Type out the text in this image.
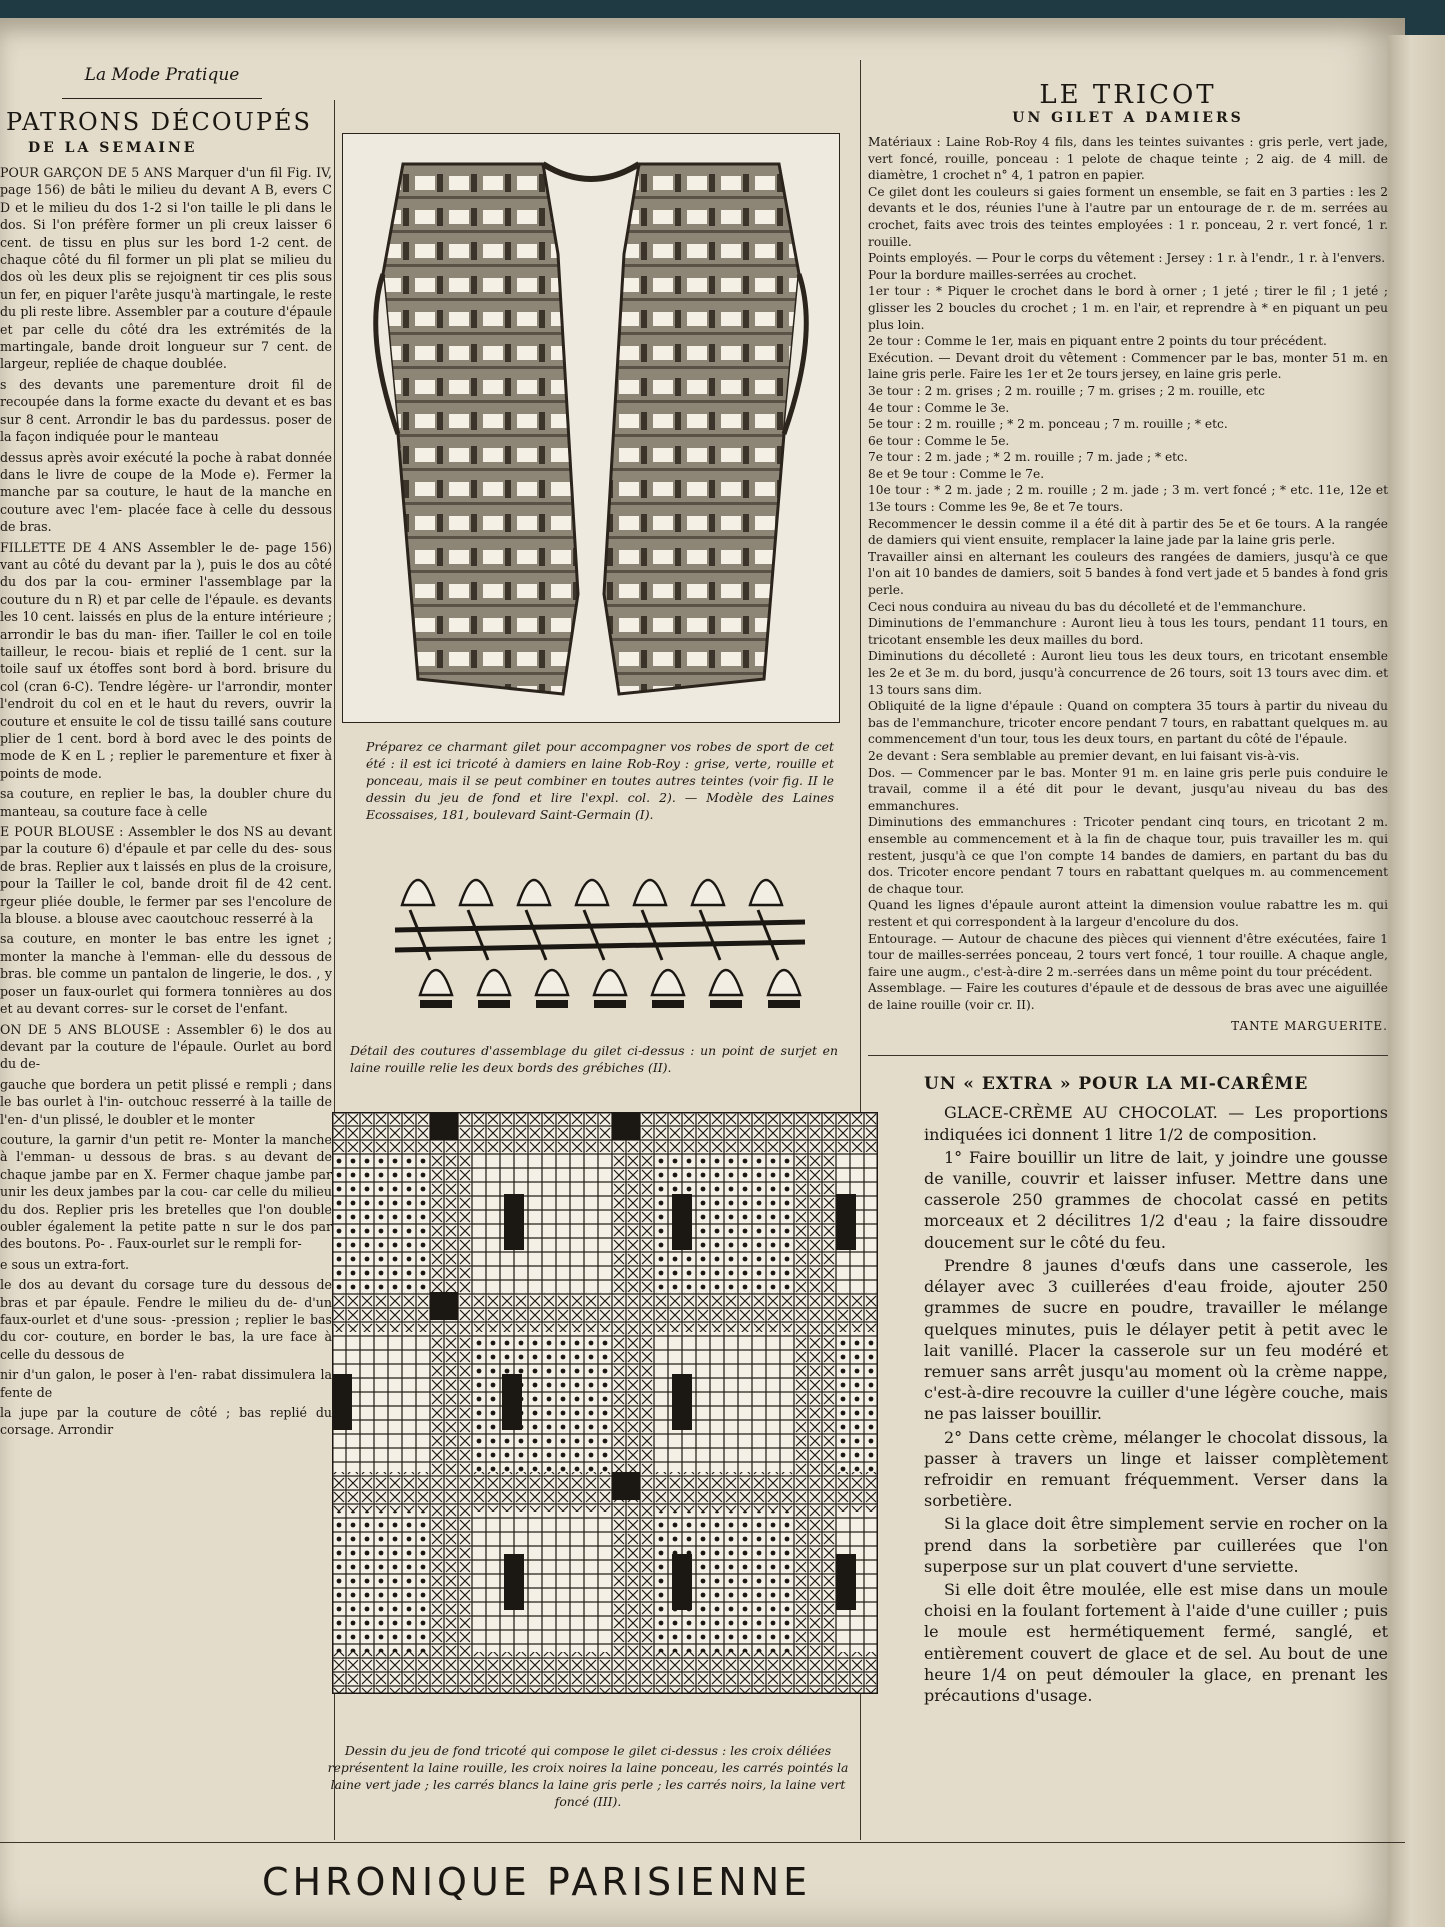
La Mode Pratique
PATRONS DÉCOUPÉS
DE LA SEMAINE

POUR GARÇON DE 5 ANS Marquer d'un fil Fig. IV, page 156) de bâti le milieu du devant A B, evers C D et le milieu du dos 1-2 si l'on taille le pli dans le dos. Si l'on préfère former un pli creux laisser 6 cent. de tissu en plus sur les bord 1-2 cent. de chaque côté du fil former un pli plat se milieu du dos où les deux plis se rejoignent tir ces plis sous un fer, en piquer l'arête jusqu'à martingale, le reste du pli reste libre. Assembler par a couture d'épaule et par celle du côté dra les extrémités de la martingale, bande droit longueur sur 7 cent. de largeur, repliée de chaque doublée.

s des devants une parementure droit fil de recoupée dans la forme exacte du devant et es bas sur 8 cent. Arrondir le bas du pardessus. poser de la façon indiquée pour le manteau

dessus après avoir exécuté la poche à rabat donnée dans le livre de coupe de la Mode e). Fermer la manche par sa couture, le haut de la manche en couture avec l'em- placée face à celle du dessous de bras.

FILLETTE DE 4 ANS Assembler le de- page 156) vant au côté du devant par la ), puis le dos au côté du dos par la cou- erminer l'assemblage par la couture du n R) et par celle de l'épaule. es devants les 10 cent. laissés en plus de la enture intérieure ; arrondir le bas du man- ifier. Tailler le col en toile tailleur, le recou- biais et replié de 1 cent. sur la toile sauf ux étoffes sont bord à bord. brisure du col (cran 6-C). Tendre légère- ur l'arrondir, monter l'endroit du col en et le haut du revers, ouvrir la couture et ensuite le col de tissu taillé sans couture plier de 1 cent. bord à bord avec le des points de mode de K en L ; replier le parementure et fixer à points de mode.

sa couture, en replier le bas, la doubler chure du manteau, sa couture face à celle

E POUR BLOUSE : Assembler le dos NS au devant par la couture 6) d'épaule et par celle du des- sous de bras. Replier aux t laissés en plus de la croisure, pour la Tailler le col, bande droit fil de 42 cent. rgeur pliée double, le fermer par ses l'encolure de la blouse. a blouse avec caoutchouc resserré à la

sa couture, en monter le bas entre les ignet ; monter la manche à l'emman- elle du dessous de bras. ble comme un pantalon de lingerie, le dos. , y poser un faux-ourlet qui formera tonnières au dos et au devant corres- sur le corset de l'enfant.

ON DE 5 ANS BLOUSE : Assembler 6) le dos au devant par la couture de l'épaule. Ourlet au bord du de-

gauche que bordera un petit plissé e rempli ; dans le bas ourlet à l'in- outchouc resserré à la taille de l'en- d'un plissé, le doubler et le monter

couture, la garnir d'un petit re- Monter la manche à l'emman- u dessous de bras. s au devant de chaque jambe par en X. Fermer chaque jambe par unir les deux jambes par la cou- car celle du milieu du dos. Replier pris les bretelles que l'on double oubler également la petite patte n sur le dos par des boutons. Po- . Faux-ourlet sur le rempli for-

e sous un extra-fort.

le dos au devant du corsage ture du dessous de bras et par épaule. Fendre le milieu du de- d'un faux-ourlet et d'une sous- -pression ; replier le bas du cor- couture, en border le bas, la ure face à celle du dessous de

nir d'un galon, le poser à l'en- rabat dissimulera la fente de

la jupe par la couture de côté ; bas replié du corsage. Arrondir

Préparez ce charmant gilet pour accompagner vos robes de sport de cet été : il est ici tricoté à damiers en laine Rob-Roy : grise, verte, rouille et ponceau, mais il se peut combiner en toutes autres teintes (voir fig. II le dessin du jeu de fond et lire l'expl. col. 2). — Modèle des Laines Ecossaises, 181, boulevard Saint-Germain (I).
Détail des coutures d'assemblage du gilet ci-dessus : un point de surjet en laine rouille relie les deux bords des grébiches (II).
Dessin du jeu de fond tricoté qui compose le gilet ci-dessus : les croix déliées représentent la laine rouille, les croix noires la laine ponceau, les carrés pointés la laine vert jade ; les carrés blancs la laine gris perle ; les carrés noirs, la laine vert foncé (III).
LE TRICOT
UN GILET A DAMIERS

Matériaux : Laine Rob-Roy 4 fils, dans les teintes suivantes : gris perle, vert jade, vert foncé, rouille, ponceau : 1 pelote de chaque teinte ; 2 aig. de 4 mill. de diamètre, 1 crochet n° 4, 1 patron en papier.

Ce gilet dont les couleurs si gaies forment un ensemble, se fait en 3 parties : les 2 devants et le dos, réunies l'une à l'autre par un entourage de r. de m. serrées au crochet, faits avec trois des teintes employées : 1 r. ponceau, 2 r. vert foncé, 1 r. rouille.

Points employés. — Pour le corps du vêtement : Jersey : 1 r. à l'endr., 1 r. à l'envers.

Pour la bordure mailles-serrées au crochet.

1er tour : * Piquer le crochet dans le bord à orner ; 1 jeté ; tirer le fil ; 1 jeté ; glisser les 2 boucles du crochet ; 1 m. en l'air, et reprendre à * en piquant un peu plus loin.

2e tour : Comme le 1er, mais en piquant entre 2 points du tour précédent.

Exécution. — Devant droit du vêtement : Commencer par le bas, monter 51 m. en laine gris perle. Faire les 1er et 2e tours jersey, en laine gris perle.

3e tour : 2 m. grises ; 2 m. rouille ; 7 m. grises ; 2 m. rouille, etc

4e tour : Comme le 3e.

5e tour : 2 m. rouille ; * 2 m. ponceau ; 7 m. rouille ; * etc.

6e tour : Comme le 5e.

7e tour : 2 m. jade ; * 2 m. rouille ; 7 m. jade ; * etc.

8e et 9e tour : Comme le 7e.

10e tour : * 2 m. jade ; 2 m. rouille ; 2 m. jade ; 3 m. vert foncé ; * etc. 11e, 12e et 13e tours : Comme les 9e, 8e et 7e tours.

Recommencer le dessin comme il a été dit à partir des 5e et 6e tours. A la rangée de damiers qui vient ensuite, remplacer la laine jade par la laine gris perle.

Travailler ainsi en alternant les couleurs des rangées de damiers, jusqu'à ce que l'on ait 10 bandes de damiers, soit 5 bandes à fond vert jade et 5 bandes à fond gris perle.

Ceci nous conduira au niveau du bas du décolleté et de l'emmanchure.

Diminutions de l'emmanchure : Auront lieu à tous les tours, pendant 11 tours, en tricotant ensemble les deux mailles du bord.

Diminutions du décolleté : Auront lieu tous les deux tours, en tricotant ensemble les 2e et 3e m. du bord, jusqu'à concurrence de 26 tours, soit 13 tours avec dim. et 13 tours sans dim.

Obliquité de la ligne d'épaule : Quand on comptera 35 tours à partir du niveau du bas de l'emmanchure, tricoter encore pendant 7 tours, en rabattant quelques m. au commencement d'un tour, tous les deux tours, en partant du côté de l'épaule.

2e devant : Sera semblable au premier devant, en lui faisant vis-à-vis.

Dos. — Commencer par le bas. Monter 91 m. en laine gris perle puis conduire le travail, comme il a été dit pour le devant, jusqu'au niveau du bas des emmanchures.

Diminutions des emmanchures : Tricoter pendant cinq tours, en tricotant 2 m. ensemble au commencement et à la fin de chaque tour, puis travailler les m. qui restent, jusqu'à ce que l'on compte 14 bandes de damiers, en partant du bas du dos. Tricoter encore pendant 7 tours en rabattant quelques m. au commencement de chaque tour.

Quand les lignes d'épaule auront atteint la dimension voulue rabattre les m. qui restent et qui correspondent à la largeur d'encolure du dos.

Entourage. — Autour de chacune des pièces qui viennent d'être exécutées, faire 1 tour de mailles-serrées ponceau, 2 tours vert foncé, 1 tour rouille. A chaque angle, faire une augm., c'est-à-dire 2 m.-serrées dans un même point du tour précédent.

Assemblage. — Faire les coutures d'épaule et de dessous de bras avec une aiguillée de laine rouille (voir cr. II).

TANTE MARGUERITE.
UN « EXTRA » POUR LA MI-CARÊME

GLACE-CRÈME AU CHOCOLAT. — Les proportions indiquées ici donnent 1 litre 1/2 de composition.

1° Faire bouillir un litre de lait, y joindre une gousse de vanille, couvrir et laisser infuser. Mettre dans une casserole 250 grammes de chocolat cassé en petits morceaux et 2 décilitres 1/2 d'eau ; la faire dissoudre doucement sur le côté du feu.

Prendre 8 jaunes d'œufs dans une casserole, les délayer avec 3 cuillerées d'eau froide, ajouter 250 grammes de sucre en poudre, travailler le mélange quelques minutes, puis le délayer petit à petit avec le lait vanillé. Placer la casserole sur un feu modéré et remuer sans arrêt jusqu'au moment où la crème nappe, c'est-à-dire recouvre la cuiller d'une légère couche, mais ne pas laisser bouillir.

2° Dans cette crème, mélanger le chocolat dissous, la passer à travers un linge et laisser complètement refroidir en remuant fréquemment. Verser dans la sorbetière.

Si la glace doit être simplement servie en rocher on la prend dans la sorbetière par cuillerées que l'on superpose sur un plat couvert d'une serviette.

Si elle doit être moulée, elle est mise dans un moule choisi en la foulant fortement à l'aide d'une cuiller ; puis le moule est hermétiquement fermé, sanglé, et entièrement couvert de glace et de sel. Au bout de une heure 1/4 on peut démouler la glace, en prenant les précautions d'usage.

CHRONIQUE PARISIENNE
